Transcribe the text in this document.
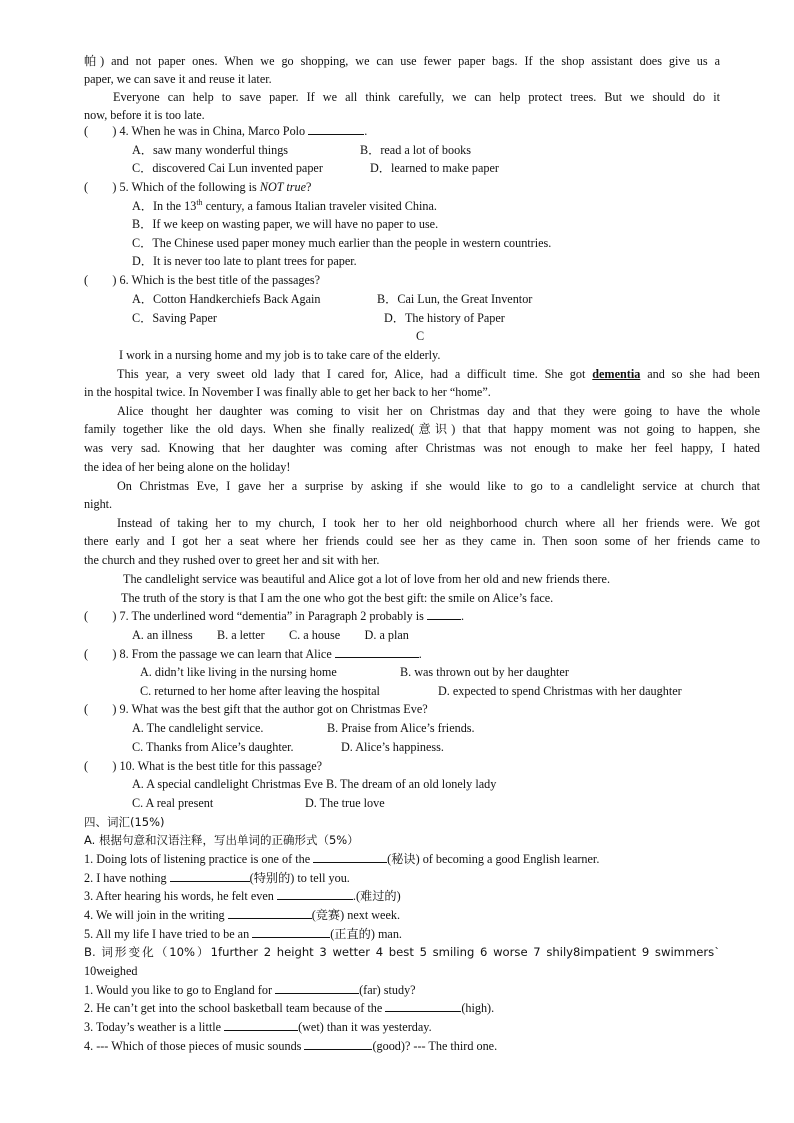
帕) and not paper ones. When we go shopping, we can use fewer paper bags. If the shop assistant does give us a
paper, we can save it and reuse it later.
Everyone can help to save paper. If we all think carefully, we can help protect trees. But we should do it
now, before it is too late.
(　　) 4. When he was in China, Marco Polo	.
A．saw many wonderful things	B．read a lot of books
C．discovered Cai Lun invented paper	D．learned to make paper
(　　) 5. Which of the following is NOT true?
A．In the 13th century, a famous Italian traveler visited China.
B．If we keep on wasting paper, we will have no paper to use.
C．The Chinese used paper money much earlier than the people in western countries.
D．It is never too late to plant trees for paper.
(　　) 6. Which is the best title of the passages?
A．Cotton Handkerchiefs Back Again	B．Cai Lun, the Great Inventor
C．Saving Paper	D．The history of Paper
C
I work in a nursing home and my job is to take care of the elderly.
This year, a very sweet old lady that I cared for, Alice, had a difficult time. She got dementia and so she had been
in the hospital twice. In November I was finally able to get her back to her “home”.
Alice thought her daughter was coming to visit her on Christmas day and that they were going to have the whole
family together like the old days. When she finally realized(意识) that that happy moment was not going to happen, she
was very sad. Knowing that her daughter was coming after Christmas was not enough to make her feel happy, I hated
the idea of her being alone on the holiday!
On Christmas Eve, I gave her a surprise by asking if she would like to go to a candlelight service at church that
night.
Instead of taking her to my church, I took her to her old neighborhood church where all her friends were. We got
there early and I got her a seat where her friends could see her as they came in. Then soon some of her friends came to
the church and they rushed over to greet her and sit with her.
The candlelight service was beautiful and Alice got a lot of love from her old and new friends there.
The truth of the story is that I am the one who got the best gift: the smile on Alice’s face.
(　　) 7. The underlined word “dementia” in Paragraph 2 probably is	.
A. an illness　　B. a letter　　C. a house　　D. a plan
(　　) 8. From the passage we can learn that Alice	.
A. didn’t like living in the nursing home	B. was thrown out by her daughter
C. returned to her home after leaving the hospital	D. expected to spend Christmas with her daughter
(　　) 9. What was the best gift that the author got on Christmas Eve?
A. The candlelight service.	B. Praise from Alice’s friends.
C. Thanks from Alice’s daughter.	D. Alice’s happiness.
(　　) 10. What is the best title for this passage?
A. A special candlelight Christmas Eve B. The dream of an old lonely lady
C. A real present	D. The true love
四、词汇(15%)
A. 根据句意和汉语注释，写出单词的正确形式（5%）
1. Doing lots of listening practice is one of the	(秘诀) of becoming a good English learner.
2. I have nothing	(特别的) to tell you.
3. After hearing his words, he felt even	.(难过的)
4. We will join in the writing	(竞赛) next week.
5. All my life I have tried to be an	(正直的) man.
B. 词形变化（10%）1further 2 height 3 wetter 4 best 5 smiling 6 worse 7 shily8impatient 9 swimmers`
10weighed
1. Would you like to go to England for	(far) study?
2. He can’t get into the school basketball team because of the	(high).
3. Today’s weather is a little	(wet) than it was yesterday.
4. --- Which of those pieces of music sounds	(good)? --- The third one.
